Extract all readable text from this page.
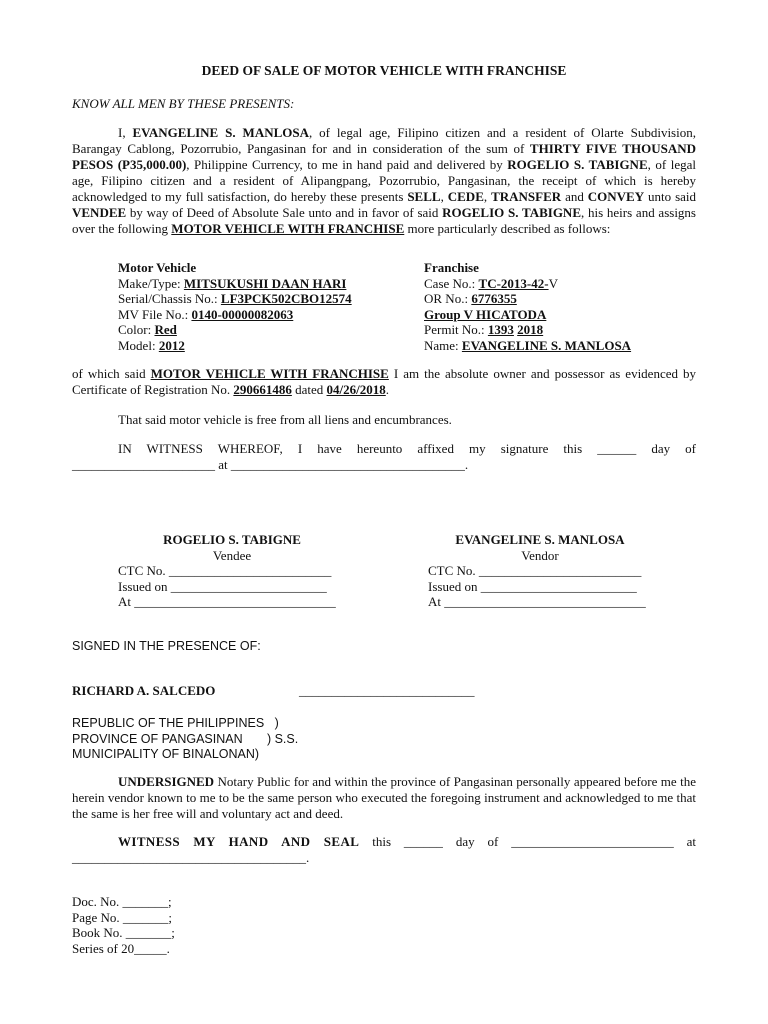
DEED OF SALE OF MOTOR VEHICLE WITH FRANCHISE
KNOW ALL MEN BY THESE PRESENTS:
I, EVANGELINE S. MANLOSA, of legal age, Filipino citizen and a resident of Olarte Subdivision, Barangay Cablong, Pozorrubio, Pangasinan for and in consideration of the sum of THIRTY FIVE THOUSAND PESOS (P35,000.00), Philippine Currency, to me in hand paid and delivered by ROGELIO S. TABIGNE, of legal age, Filipino citizen and a resident of Alipangpang, Pozorrubio, Pangasinan, the receipt of which is hereby acknowledged to my full satisfaction, do hereby these presents SELL, CEDE, TRANSFER and CONVEY unto said VENDEE by way of Deed of Absolute Sale unto and in favor of said ROGELIO S. TABIGNE, his heirs and assigns over the following MOTOR VEHICLE WITH FRANCHISE more particularly described as follows:
Motor Vehicle
Make/Type: MITSUKUSHI DAAN HARI
Serial/Chassis No.: LF3PCK502CBO12574
MV File No.: 0140-00000082063
Color: Red
Model: 2012
Franchise
Case No.: TC-2013-42-V
OR No.: 6776355
Group V HICATODA
Permit No.: 1393 2018
Name: EVANGELINE S. MANLOSA
of which said MOTOR VEHICLE WITH FRANCHISE I am the absolute owner and possessor as evidenced by Certificate of Registration No. 290661486 dated 04/26/2018.
That said motor vehicle is free from all liens and encumbrances.
IN WITNESS WHEREOF, I have hereunto affixed my signature this ______ day of
______________________ at ____________________________________.
ROGELIO S. TABIGNE
Vendee
CTC No. _________________________
Issued on ________________________
At _______________________________
EVANGELINE S. MANLOSA
Vendor
CTC No. _________________________
Issued on ________________________
At _______________________________
SIGNED IN THE PRESENCE OF:
RICHARD A. SALCEDO	___________________________
REPUBLIC OF THE PHILIPPINES   )
PROVINCE OF PANGASINAN       ) S.S.
MUNICIPALITY OF BINALONAN)
UNDERSIGNED Notary Public for and within the province of Pangasinan personally appeared before me the herein vendor known to me to be the same person who executed the foregoing instrument and acknowledged to me that the same is her free will and voluntary act and deed.
WITNESS MY HAND AND SEAL this ______ day of _________________________ at
____________________________________.
Doc. No. _______;
Page No. _______;
Book No. _______;
Series of 20_____.
